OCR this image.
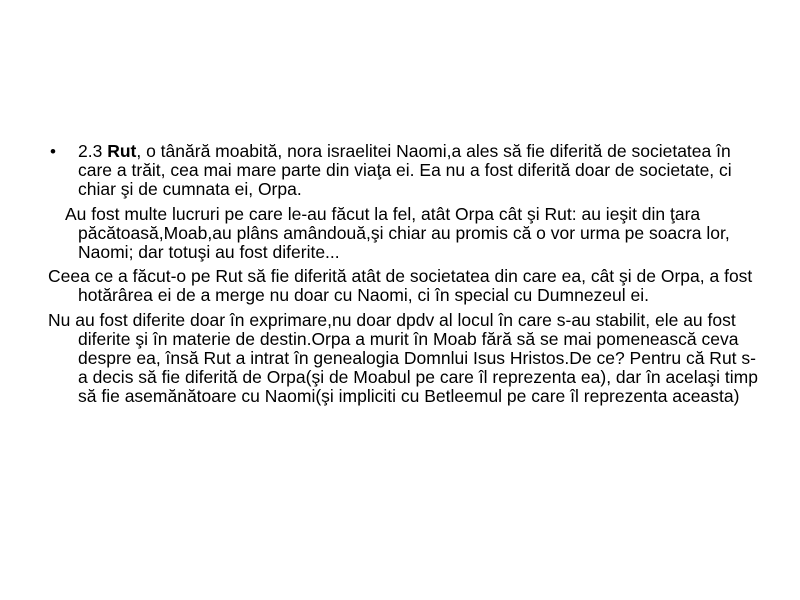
• 2.3 Rut, o tânără moabită, nora israelitei Naomi,a ales să fie diferită de societatea în care a trăit, cea mai mare parte din viaţa ei. Ea nu a fost diferită doar de societate, ci chiar şi de cumnata ei, Orpa.

Au fost multe lucruri pe care le-au făcut la fel, atât Orpa cât şi Rut: au ieşit din ţara păcătoasă,Moab,au plâns amândouă,şi chiar au promis că o vor urma pe soacra lor, Naomi; dar totuşi au fost diferite...

Ceea ce a făcut-o pe Rut să fie diferită atât de societatea din care ea, cât şi de Orpa, a fost hotărârea ei de a merge nu doar cu Naomi, ci în special cu Dumnezeul ei.

Nu au fost diferite doar în exprimare,nu doar dpdv al locul în care s-au stabilit, ele au fost diferite şi în materie de destin.Orpa a murit în Moab fără să se mai pomenească ceva despre ea, însă Rut a intrat în genealogia Domnlui Isus Hristos.De ce? Pentru că Rut s-a decis să fie diferită de Orpa(şi de Moabul pe care îl reprezenta ea), dar în acelaşi timp să fie asemănătoare cu Naomi(şi impliciti cu Betleemul pe care îl reprezenta aceasta)
